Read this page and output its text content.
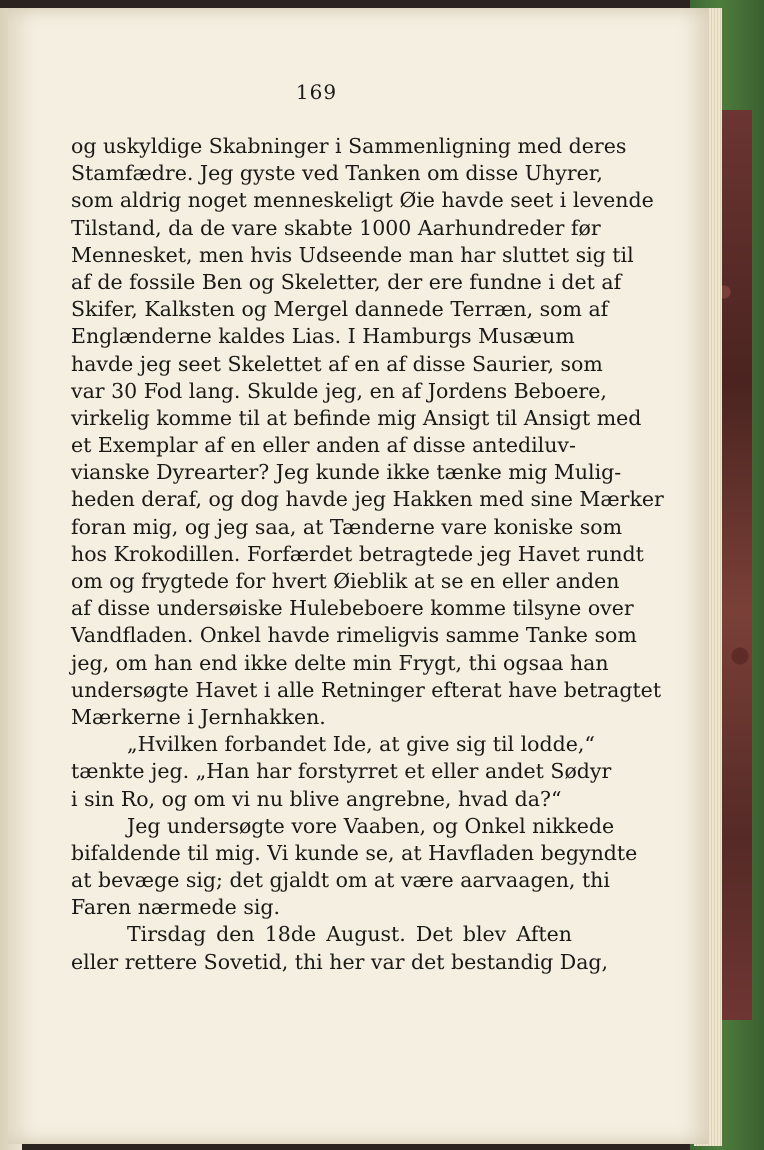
169
og uskyldige Skabninger i Sammenligning med deres
Stamfædre. Jeg gyste ved Tanken om disse Uhyrer,
som aldrig noget menneskeligt Øie havde seet i levende
Tilstand, da de vare skabte 1000 Aarhundreder før
Mennesket, men hvis Udseende man har sluttet sig til
af de fossile Ben og Skeletter, der ere fundne i det af
Skifer, Kalksten og Mergel dannede Terræn, som af
Englænderne kaldes Lias. I Hamburgs Musæum
havde jeg seet Skelettet af en af disse Saurier, som
var 30 Fod lang. Skulde jeg, en af Jordens Beboere,
virkelig komme til at befinde mig Ansigt til Ansigt med
et Exemplar af en eller anden af disse antediluv-
vianske Dyrearter? Jeg kunde ikke tænke mig Mulig-
heden deraf, og dog havde jeg Hakken med sine Mærker
foran mig, og jeg saa, at Tænderne vare koniske som
hos Krokodillen. Forfærdet betragtede jeg Havet rundt
om og frygtede for hvert Øieblik at se en eller anden
af disse undersøiske Hulebeboere komme tilsyne over
Vandfladen. Onkel havde rimeligvis samme Tanke som
jeg, om han end ikke delte min Frygt, thi ogsaa han
undersøgte Havet i alle Retninger efterat have betragtet
Mærkerne i Jernhakken.
„Hvilken forbandet Ide, at give sig til lodde,“
tænkte jeg. „Han har forstyrret et eller andet Sødyr
i sin Ro, og om vi nu blive angrebne, hvad da?“
Jeg undersøgte vore Vaaben, og Onkel nikkede
bifaldende til mig. Vi kunde se, at Havfladen begyndte
at bevæge sig; det gjaldt om at være aarvaagen, thi
Faren nærmede sig.
Tirsdag den 18de August. Det blev Aften
eller rettere Sovetid, thi her var det bestandig Dag,
